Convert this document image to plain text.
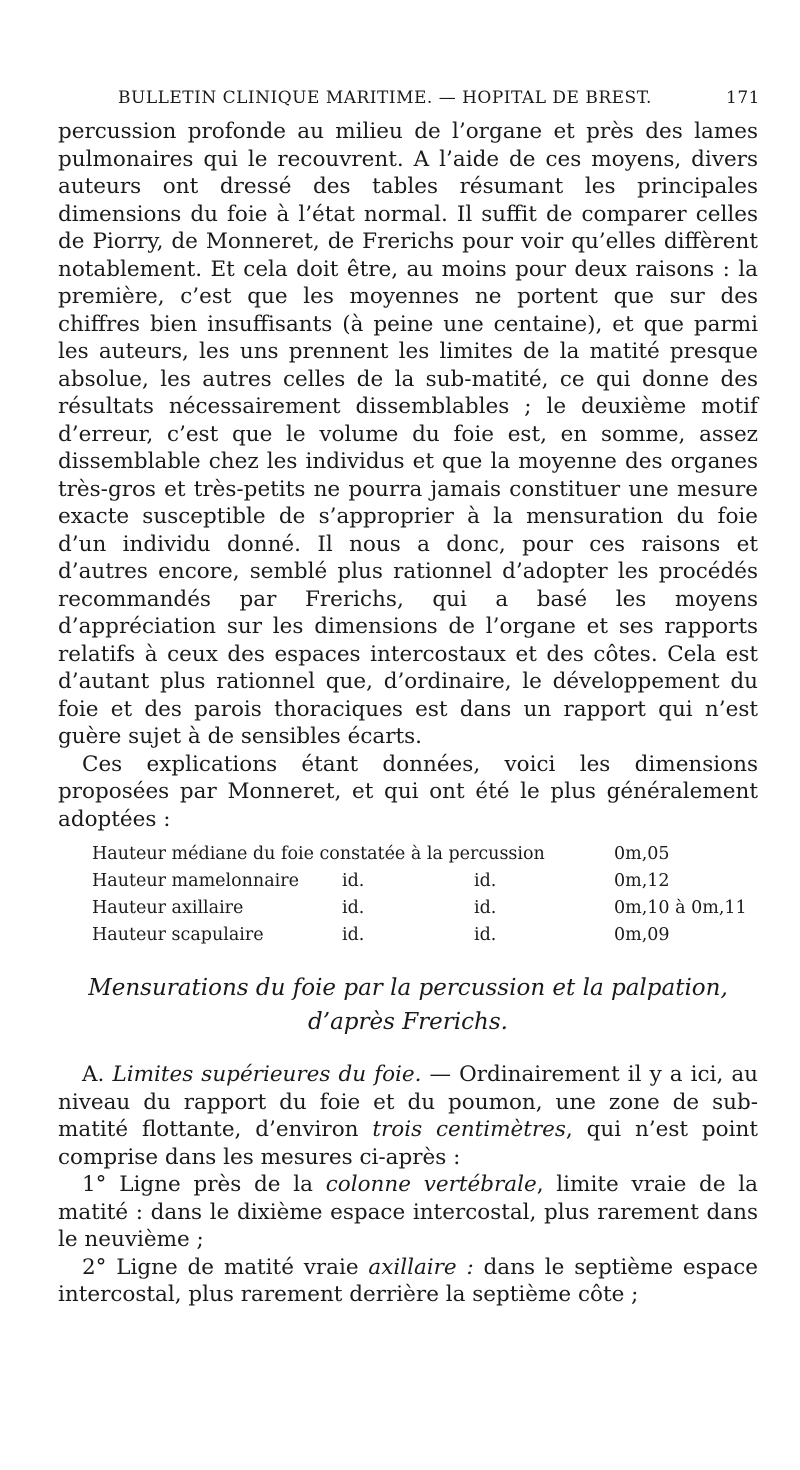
BULLETIN CLINIQUE MARITIME. — HOPITAL DE BREST.	171

percussion profonde au milieu de l’organe et près des lames pulmonaires qui le recouvrent. A l’aide de ces moyens, divers auteurs ont dressé des tables résumant les principales dimensions du foie à l’état normal. Il suffit de comparer celles de Piorry, de Monneret, de Frerichs pour voir qu’elles diffèrent notablement. Et cela doit être, au moins pour deux raisons : la première, c’est que les moyennes ne portent que sur des chiffres bien insuffisants (à peine une centaine), et que parmi les auteurs, les uns prennent les limites de la matité presque absolue, les autres celles de la sub-matité, ce qui donne des résultats nécessairement dissemblables ; le deuxième motif d’erreur, c’est que le volume du foie est, en somme, assez dissemblable chez les individus et que la moyenne des organes très-gros et très-petits ne pourra jamais constituer une mesure exacte susceptible de s’approprier à la mensuration du foie d’un individu donné. Il nous a donc, pour ces raisons et d’autres encore, semblé plus rationnel d’adopter les procédés recommandés par Frerichs, qui a basé les moyens d’appréciation sur les dimensions de l’organe et ses rapports relatifs à ceux des espaces intercostaux et des côtes. Cela est d’autant plus rationnel que, d’ordinaire, le développement du foie et des parois thoraciques est dans un rapport qui n’est guère sujet à de sensibles écarts.

Ces explications étant données, voici les dimensions proposées par Monneret, et qui ont été le plus généralement adoptées :

Hauteur médiane du foie constatée à la percussion			0m,05
Hauteur mamelonnaire	id.	id.	0m,12
Hauteur axillaire	id.	id.	0m,10 à 0m,11
Hauteur scapulaire	id.	id.	0m,09
Mensurations du foie par la percussion et la palpation,
d’après Frerichs.

A. Limites supérieures du foie. — Ordinairement il y a ici, au niveau du rapport du foie et du poumon, une zone de sub-matité flottante, d’environ trois centimètres, qui n’est point comprise dans les mesures ci-après :

1° Ligne près de la colonne vertébrale, limite vraie de la matité : dans le dixième espace intercostal, plus rarement dans le neuvième ;

2° Ligne de matité vraie axillaire : dans le septième espace intercostal, plus rarement derrière la septième côte ;
